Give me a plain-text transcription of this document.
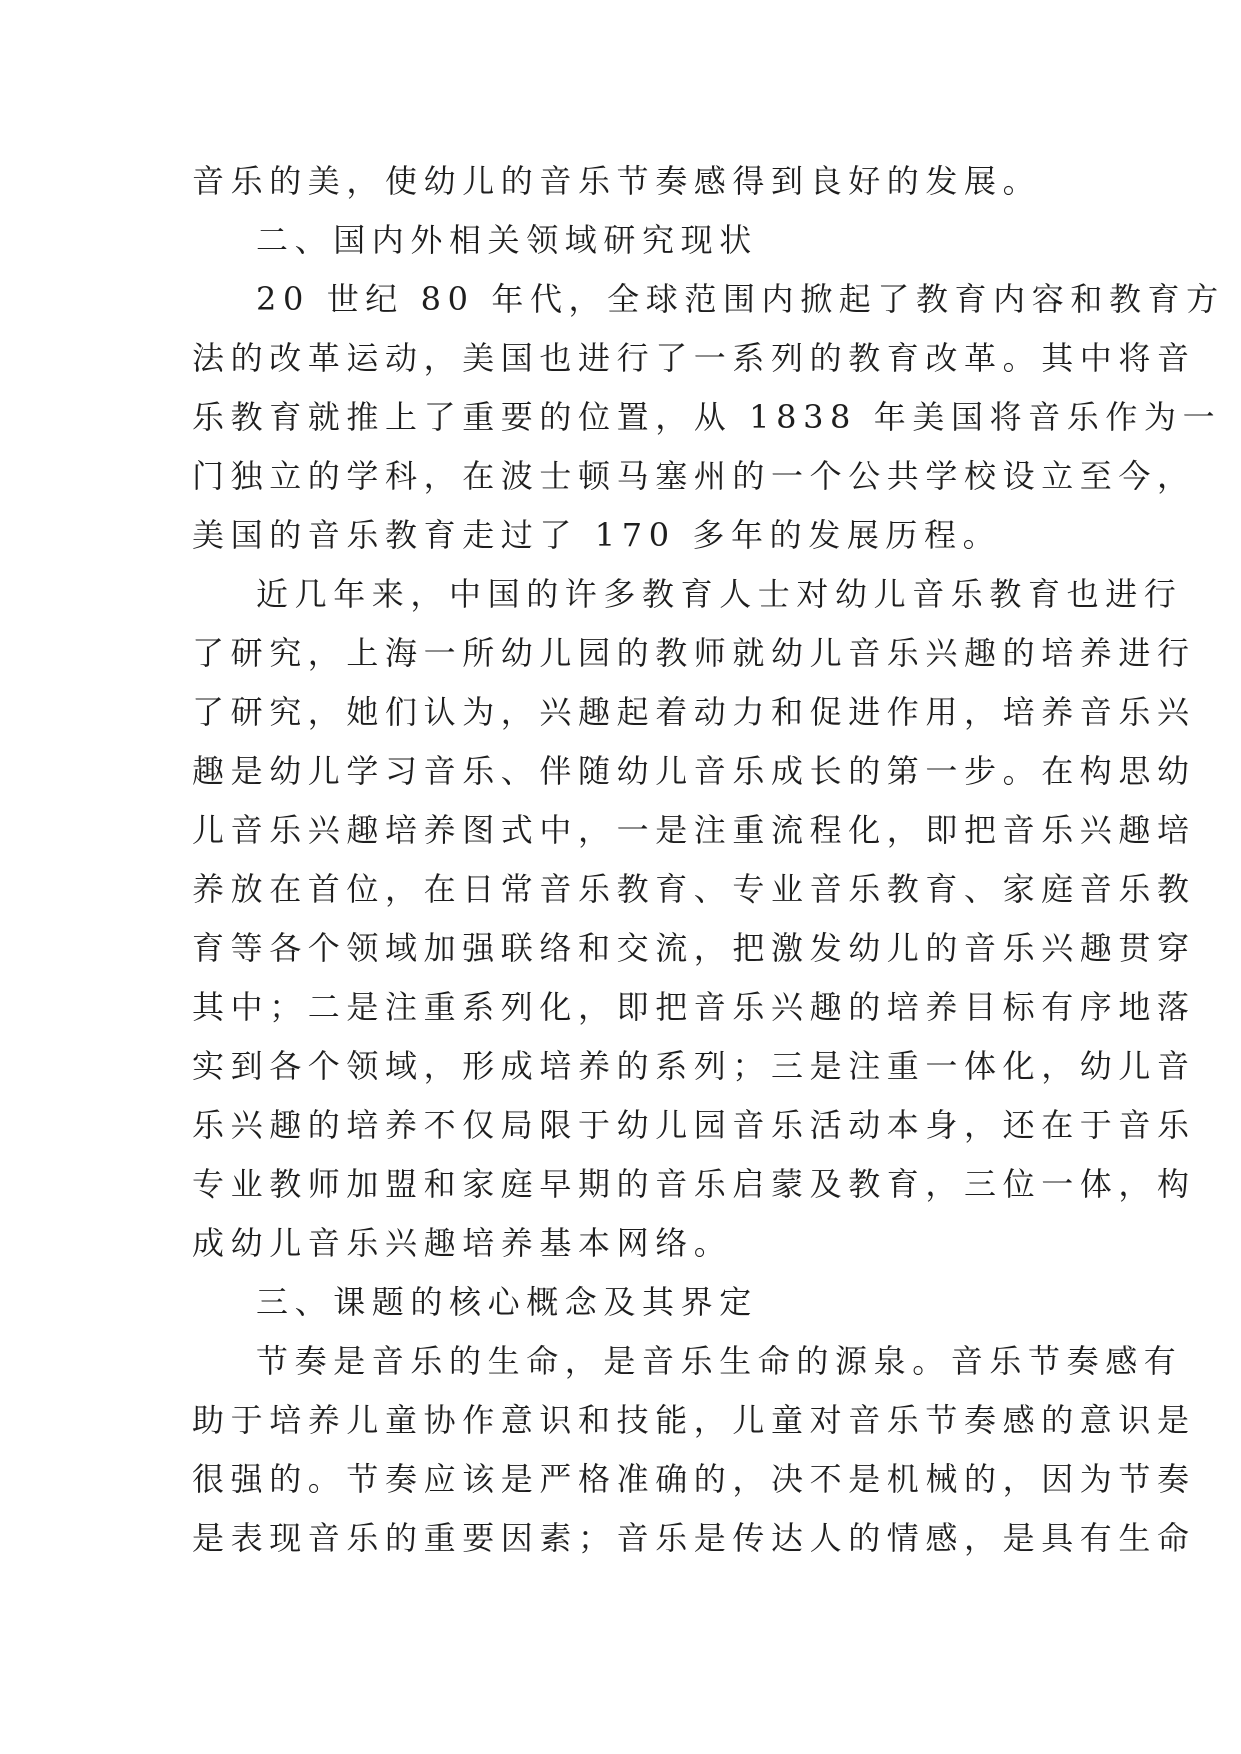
音乐的美，使幼儿的音乐节奏感得到良好的发展。
二、国内外相关领域研究现状
20 世纪 80 年代，全球范围内掀起了教育内容和教育方
法的改革运动，美国也进行了一系列的教育改革。其中将音
乐教育就推上了重要的位置，从 1838 年美国将音乐作为一
门独立的学科，在波士顿马塞州的一个公共学校设立至今，
美国的音乐教育走过了 170 多年的发展历程。
近几年来，中国的许多教育人士对幼儿音乐教育也进行
了研究，上海一所幼儿园的教师就幼儿音乐兴趣的培养进行
了研究，她们认为，兴趣起着动力和促进作用，培养音乐兴
趣是幼儿学习音乐、伴随幼儿音乐成长的第一步。在构思幼
儿音乐兴趣培养图式中，一是注重流程化，即把音乐兴趣培
养放在首位，在日常音乐教育、专业音乐教育、家庭音乐教
育等各个领域加强联络和交流，把激发幼儿的音乐兴趣贯穿
其中；二是注重系列化，即把音乐兴趣的培养目标有序地落
实到各个领域，形成培养的系列；三是注重一体化，幼儿音
乐兴趣的培养不仅局限于幼儿园音乐活动本身，还在于音乐
专业教师加盟和家庭早期的音乐启蒙及教育，三位一体，构
成幼儿音乐兴趣培养基本网络。
三、课题的核心概念及其界定
节奏是音乐的生命，是音乐生命的源泉。音乐节奏感有
助于培养儿童协作意识和技能，儿童对音乐节奏感的意识是
很强的。节奏应该是严格准确的，决不是机械的，因为节奏
是表现音乐的重要因素；音乐是传达人的情感，是具有生命
